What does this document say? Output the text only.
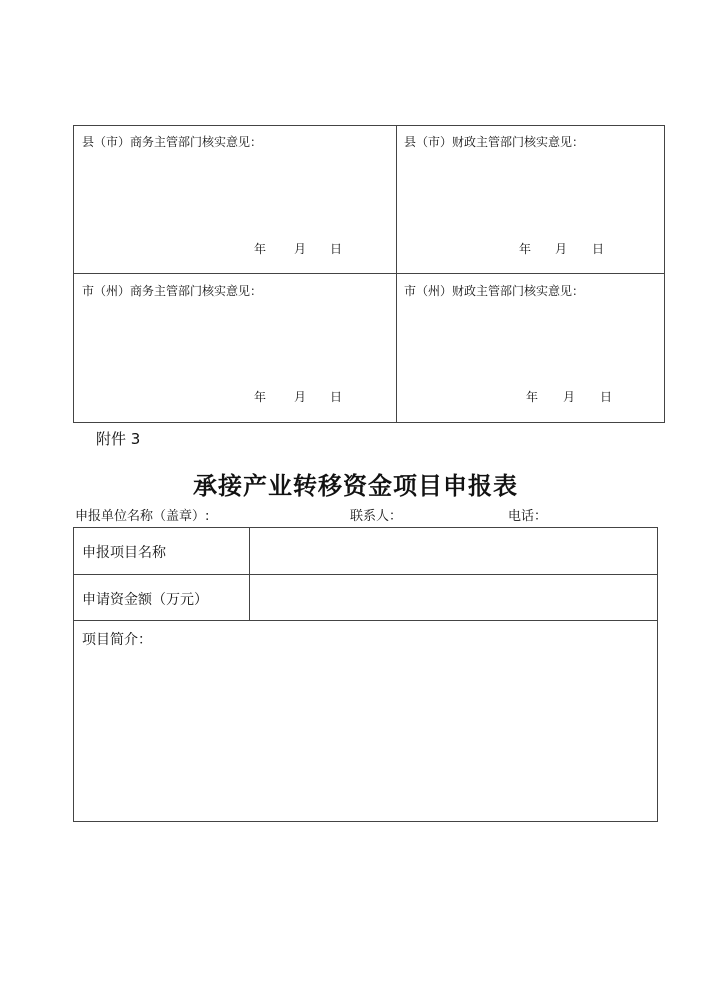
县（市）商务主管部门核实意见：
年 月 日
县（市）财政主管部门核实意见：
年 月 日
市（州）商务主管部门核实意见：
年 月 日
市（州）财政主管部门核实意见：
年 月 日
附件 3
承接产业转移资金项目申报表
申报单位名称（盖章）:	联系人：	电话：
申报项目名称
申请资金额（万元）
项目简介：
